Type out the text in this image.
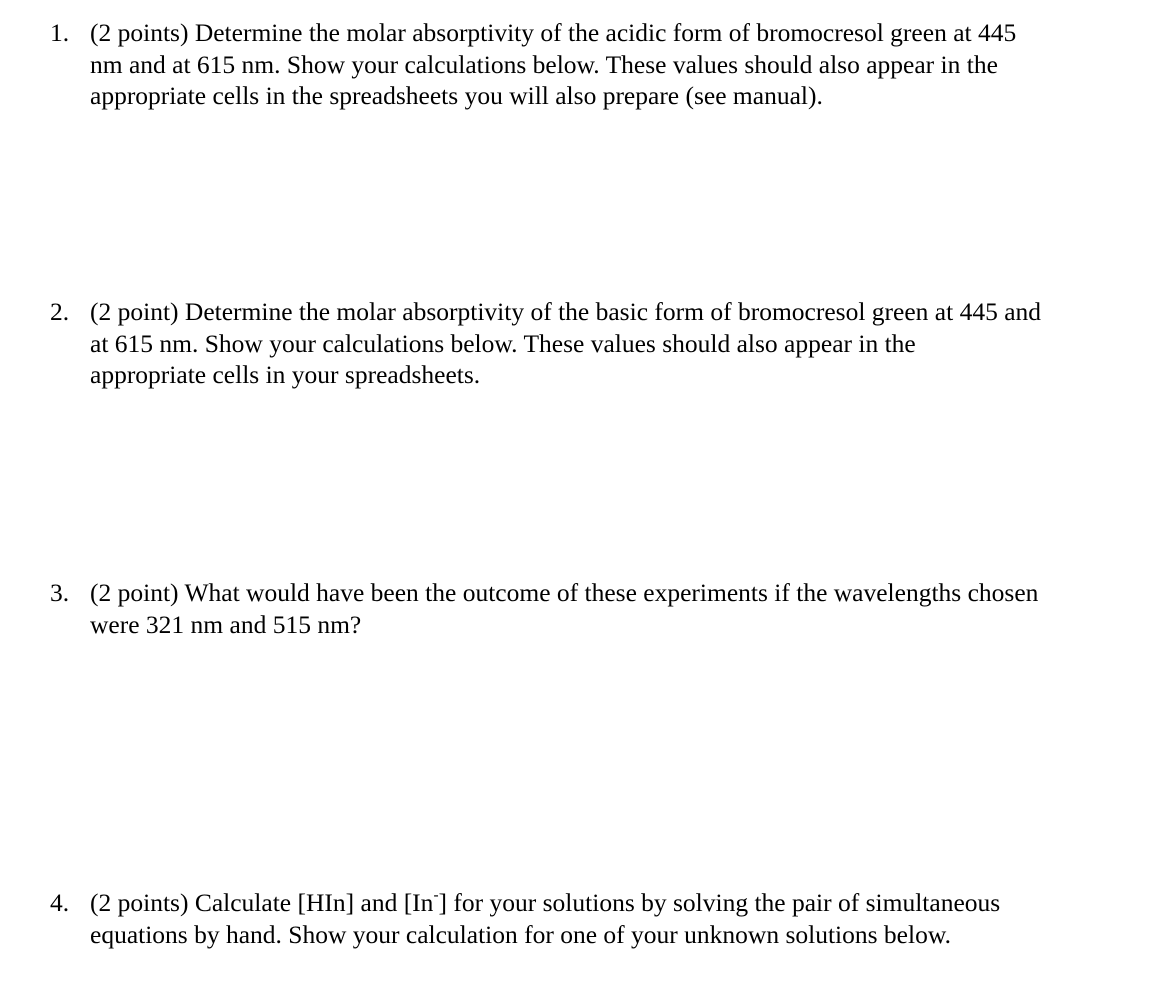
1. (2 points) Determine the molar absorptivity of the acidic form of bromocresol green at 445
nm and at 615 nm. Show your calculations below. These values should also appear in the
appropriate cells in the spreadsheets you will also prepare (see manual).
2. (2 point) Determine the molar absorptivity of the basic form of bromocresol green at 445 and
at 615 nm. Show your calculations below. These values should also appear in the
appropriate cells in your spreadsheets.
3. (2 point) What would have been the outcome of these experiments if the wavelengths chosen
were 321 nm and 515 nm?
4. (2 points) Calculate [HIn] and [In-] for your solutions by solving the pair of simultaneous
equations by hand. Show your calculation for one of your unknown solutions below.
